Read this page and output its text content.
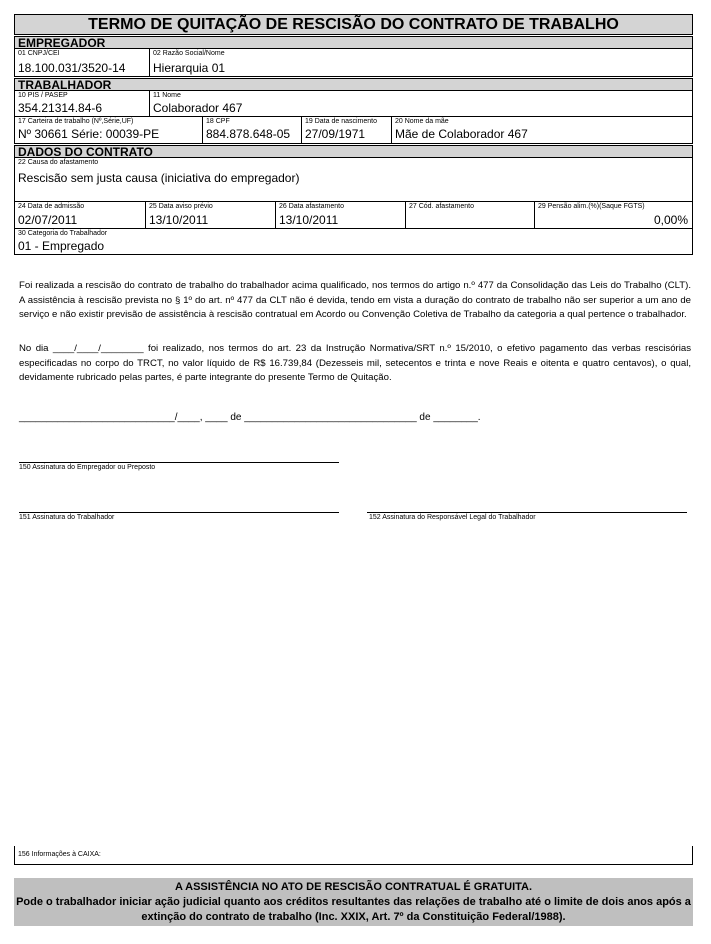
TERMO DE QUITAÇÃO DE RESCISÃO DO CONTRATO DE TRABALHO
EMPREGADOR
01 CNPJ/CEI
18.100.031/3520-14
02 Razão Social/Nome
Hierarquia 01
TRABALHADOR
10 PIS / PASEP
354.21314.84-6
11 Nome
Colaborador 467
17 Carteira de trabalho (Nº,Série,UF)
Nº 30661 Série: 00039-PE
18 CPF
884.878.648-05
19 Data de nascimento
27/09/1971
20 Nome da mãe
Mãe de Colaborador 467
DADOS DO CONTRATO
22 Causa do afastamento
Rescisão sem justa causa (iniciativa do empregador)
24 Data de admissão
02/07/2011
25 Data aviso prévio
13/10/2011
26 Data afastamento
13/10/2011
27 Cód. afastamento	29 Pensão alim.(%)(Saque FGTS)
0,00%
30 Categoria do Trabalhador
01 - Empregado
Foi realizada a rescisão do contrato de trabalho do trabalhador acima qualificado, nos termos do artigo n.º 477 da Consolidação das Leis do Trabalho (CLT). A assistência à rescisão prevista no § 1º do art. nº 477 da CLT não é devida, tendo em vista a duração do contrato de trabalho não ser superior a um ano de serviço e não existir previsão de assistência à rescisão contratual em Acordo ou Convenção Coletiva de Trabalho da categoria a qual pertence o trabalhador.
No dia ____/____/________ foi realizado, nos termos do art. 23 da Instrução Normativa/SRT n.º 15/2010, o efetivo pagamento das verbas rescisórias especificadas no corpo do TRCT, no valor líquido de R$ 16.739,84 (Dezesseis mil, setecentos e trinta e nove Reais e oitenta e quatro centavos), o qual, devidamente rubricado pelas partes, é parte integrante do presente Termo de Quitação.
____________________________/____, ____ de _______________________________ de ________.
150 Assinatura do Empregador ou Preposto
151 Assinatura do Trabalhador	152 Assinatura do Responsável Legal do Trabalhador
156 Informações à CAIXA:
A ASSISTÊNCIA NO ATO DE RESCISÃO CONTRATUAL É GRATUITA.
Pode o trabalhador iniciar ação judicial quanto aos créditos resultantes das relações de trabalho até o limite de dois anos após a extinção do contrato de trabalho (Inc. XXIX, Art. 7º da Constituição Federal/1988).
